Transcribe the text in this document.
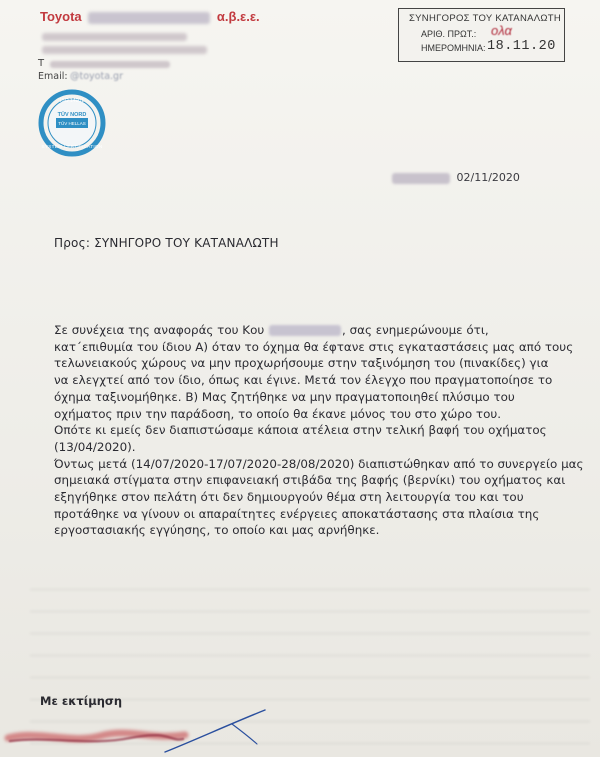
Toyota	α.β.ε.ε.
Τ
Email: @toyota.gr
ISO 14001
TÜV NORD
TÜV HELLAS
SYSTEM CERTIFICATION
ΣΥΝΗΓΟΡΟΣ ΤΟΥ ΚΑΤΑΝΑΛΩΤΗ
ΑΡΙΘ. ΠΡΩΤ.: ολα
ΗΜΕΡΟΜΗΝΙΑ: 18.11.20
02/11/2020
Προς: ΣΥΝΗΓΟΡΟ ΤΟΥ ΚΑΤΑΝΑΛΩΤΗ
Σε συνέχεια της αναφοράς του Κου	, σας ενημερώνουμε ότι,
κατ΄επιθυμία του ίδιου Α) όταν το όχημα θα έφτανε στις εγκαταστάσεις μας από τους
τελωνειακούς χώρους να μην προχωρήσουμε στην ταξινόμηση του (πινακίδες) για
να ελεγχτεί από τον ίδιο, όπως και έγινε. Μετά τον έλεγχο που πραγματοποίησε το
όχημα ταξινομήθηκε. Β) Μας ζητήθηκε να μην πραγματοποιηθεί πλύσιμο του
οχήματος πριν την παράδοση, το οποίο θα έκανε μόνος του στο χώρο του.
Οπότε κι εμείς δεν διαπιστώσαμε κάποια ατέλεια στην τελική βαφή του οχήματος
(13/04/2020).
Όντως μετά (14/07/2020-17/07/2020-28/08/2020) διαπιστώθηκαν από το συνεργείο μας
σημειακά στίγματα στην επιφανειακή στιβάδα της βαφής (βερνίκι) του οχήματος και
εξηγήθηκε στον πελάτη ότι δεν δημιουργούν θέμα στη λειτουργία του και του
προτάθηκε να γίνουν οι απαραίτητες ενέργειες αποκατάστασης στα πλαίσια της
εργοστασιακής εγγύησης, το οποίο και μας αρνήθηκε.
Με εκτίμηση
